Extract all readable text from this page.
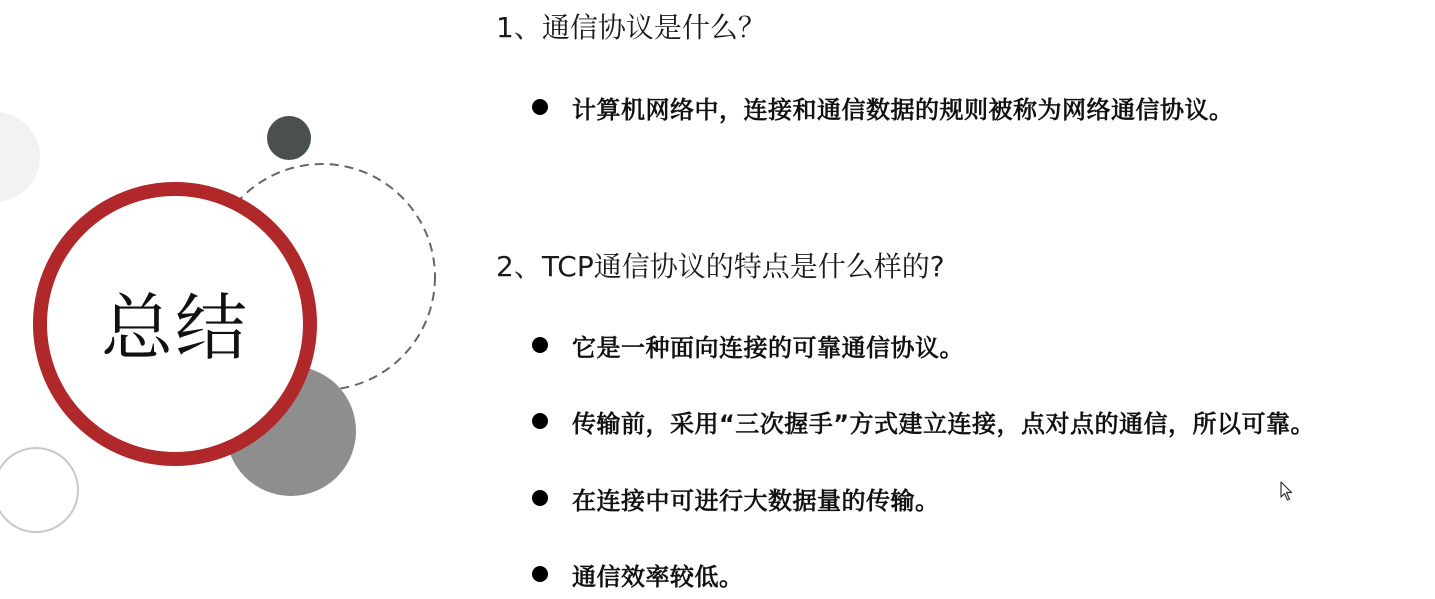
总结
1、通信协议是什么？
计算机网络中，连接和通信数据的规则被称为网络通信协议。
2、TCP通信协议的特点是什么样的?
它是一种面向连接的可靠通信协议。
传输前，采用“三次握手”方式建立连接，点对点的通信，所以可靠。
在连接中可进行大数据量的传输。
通信效率较低。
